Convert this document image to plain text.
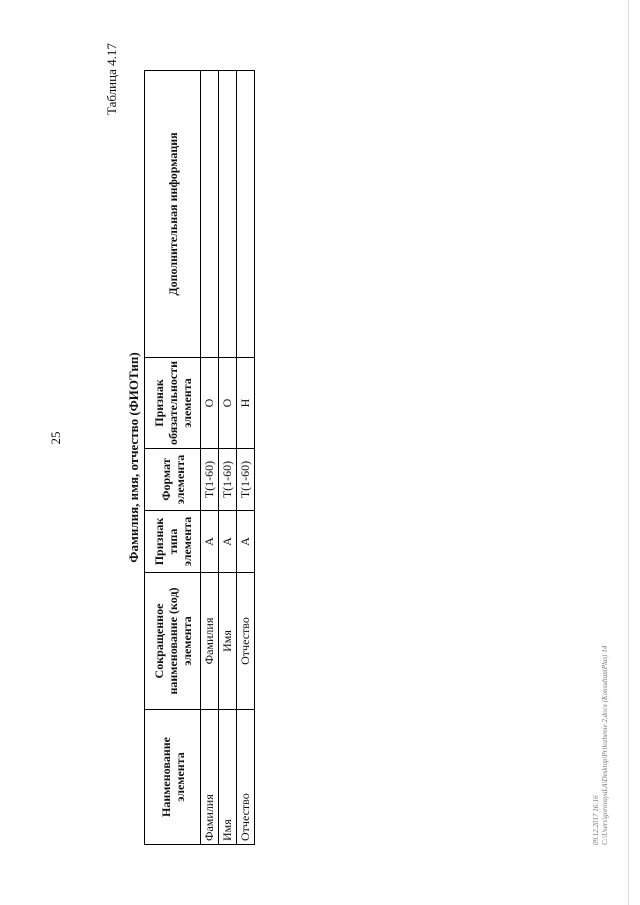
25
Таблица 4.17
Фамилия, имя, отчество (ФИОТип)
Наименование элемента	Сокращенное наименование (код) элемента	Признак типа элемента	Формат элемента	Признак обязательности элемента	Дополнительная информация
Фамилия	Фамилия	А	Т(1-60)	О	
Имя	Имя	А	Т(1-60)	О	
Отчество	Отчество	А	Т(1-60)	Н	
09.12.2017 16:16 C:\Users\gorovayaLA\Desktop\Prilozhenie 2.docx (KonsultantPlus) 14
